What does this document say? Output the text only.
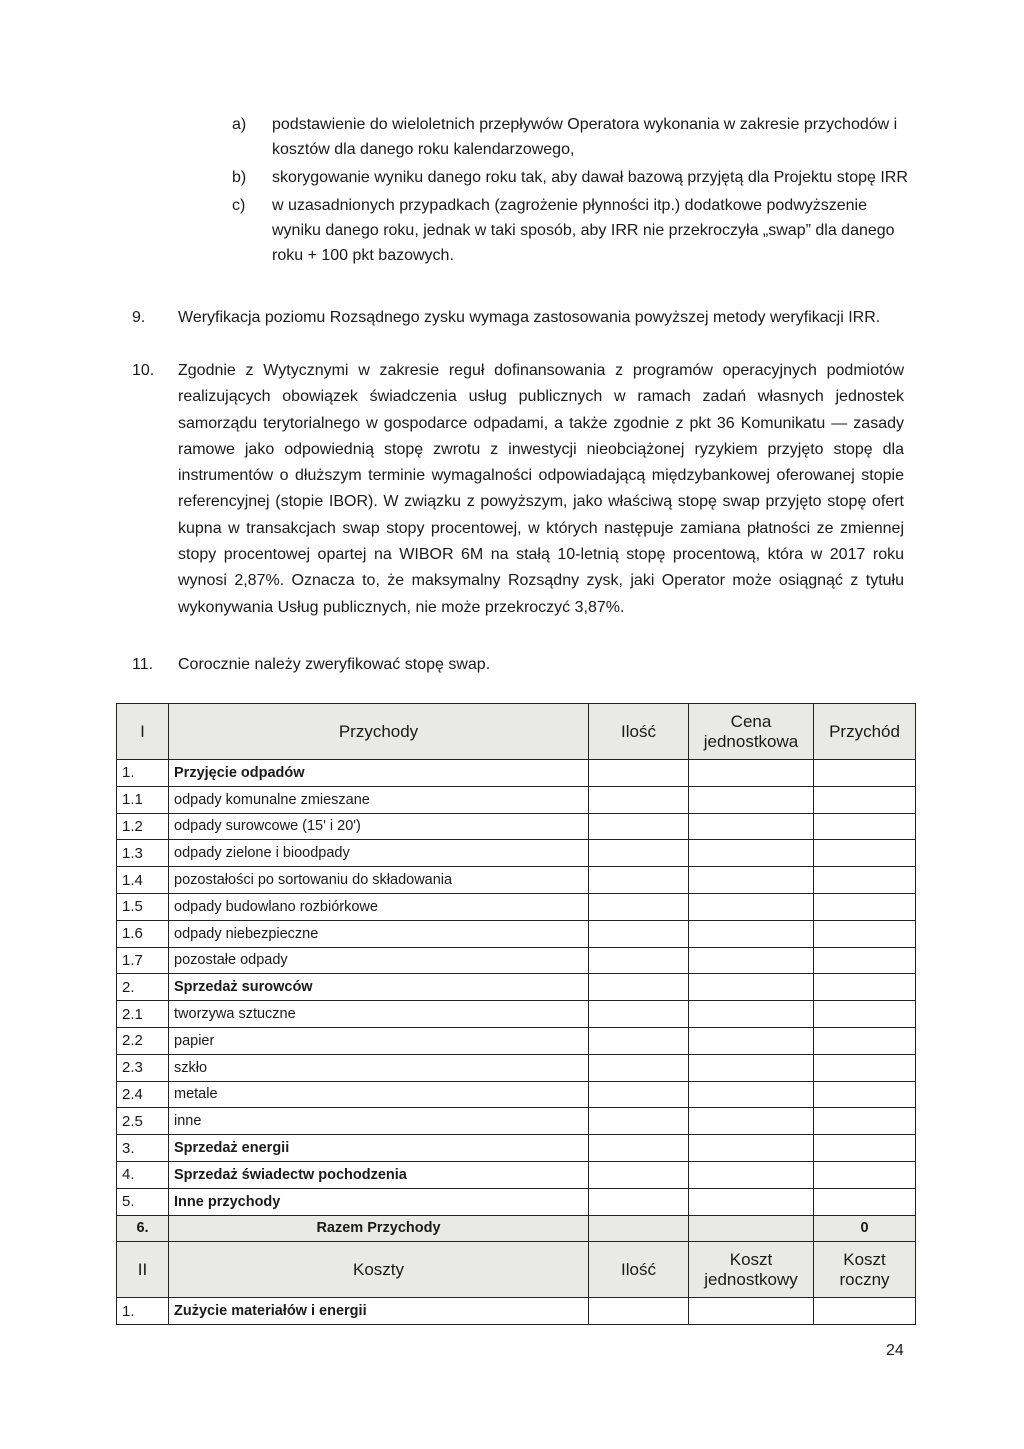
a) podstawienie do wieloletnich przepływów Operatora wykonania w zakresie przychodów i kosztów dla danego roku kalendarzowego,
b) skorygowanie wyniku danego roku tak, aby dawał bazową przyjętą dla Projektu stopę IRR
c) w uzasadnionych przypadkach (zagrożenie płynności itp.) dodatkowe podwyższenie wyniku danego roku, jednak w taki sposób, aby IRR nie przekroczyła „swap” dla danego roku + 100 pkt bazowych.
9. Weryfikacja poziomu Rozsądnego zysku wymaga zastosowania powyższej metody weryfikacji IRR.
10. Zgodnie z Wytycznymi w zakresie reguł dofinansowania z programów operacyjnych podmiotów realizujących obowiązek świadczenia usług publicznych w ramach zadań własnych jednostek samorządu terytorialnego w gospodarce odpadami, a także zgodnie z pkt 36 Komunikatu — zasady ramowe jako odpowiednią stopę zwrotu z inwestycji nieobciążonej ryzykiem przyjęto stopę dla instrumentów o dłuższym terminie wymagalności odpowiadającą międzybankowej oferowanej stopie referencyjnej (stopie IBOR). W związku z powyższym, jako właściwą stopę swap przyjęto stopę ofert kupna w transakcjach swap stopy procentowej, w których następuje zamiana płatności ze zmiennej stopy procentowej opartej na WIBOR 6M na stałą 10-letnią stopę procentową, która w 2017 roku wynosi 2,87%. Oznacza to, że maksymalny Rozsądny zysk, jaki Operator może osiągnąć z tytułu wykonywania Usług publicznych, nie może przekroczyć 3,87%.
11. Corocznie należy zweryfikować stopę swap.
I	Przychody	Ilość	Cena jednostkowa	Przychód
1.	Przyjęcie odpadów			
1.1	odpady komunalne zmieszane			
1.2	odpady surowcowe (15' i 20')			
1.3	odpady zielone i bioodpady			
1.4	pozostałości po sortowaniu do składowania			
1.5	odpady budowlano rozbiórkowe			
1.6	odpady niebezpieczne			
1.7	pozostałe odpady			
2.	Sprzedaż surowców			
2.1	tworzywa sztuczne			
2.2	papier			
2.3	szkło			
2.4	metale			
2.5	inne			
3.	Sprzedaż energii			
4.	Sprzedaż świadectw pochodzenia			
5.	Inne przychody			
6.	Razem Przychody			0
II	Koszty	Ilość	Koszt jednostkowy	Koszt roczny
1.	Zużycie materiałów i energii			
24
